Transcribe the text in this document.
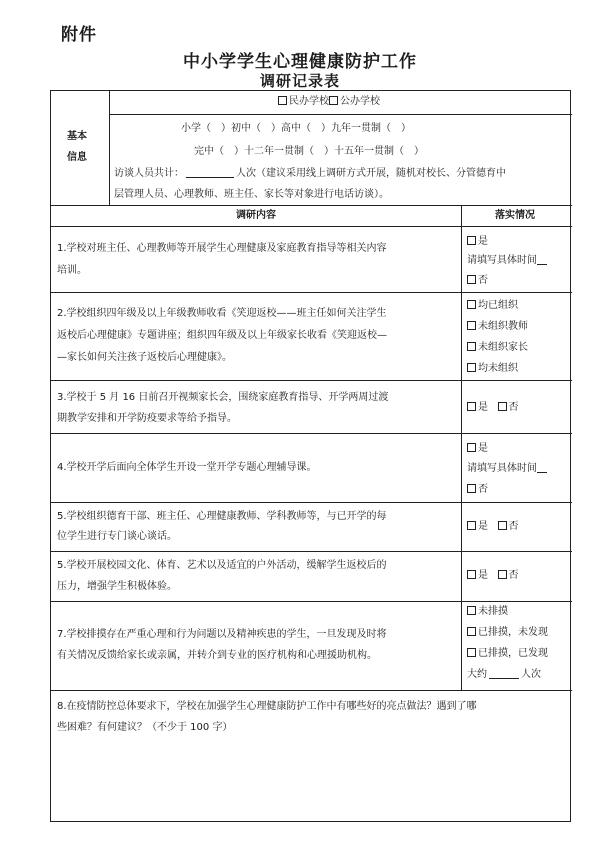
附件
中小学学生心理健康防护工作
调研记录表
基本
信息
民办学校 公办学校
小学（　）初中（　）高中（　）九年一贯制（　）
完中（　）十二年一贯制（　）十五年一贯制（　）
访谈人员共计：	人次（建议采用线上调研方式开展，随机对校长、分管德育中
层管理人员、心理教师、班主任、家长等对象进行电话访谈）。
调研内容	落实情况
1.学校对班主任、心理教师等开展学生心理健康及家庭教育指导等相关内容
培训。
是
请填写具体时间
否
2.学校组织四年级及以上年级教师收看《笑迎返校——班主任如何关注学生
返校后心理健康》专题讲座；组织四年级及以上年级家长收看《笑迎返校—
—家长如何关注孩子返校后心理健康》。
均已组织
未组织教师
未组织家长
均未组织
3.学校于 5 月 16 日前召开视频家长会，围绕家庭教育指导、开学两周过渡
期教学安排和开学防疫要求等给予指导。
是 否
4.学校开学后面向全体学生开设一堂开学专题心理辅导课。
是
请填写具体时间
否
5.学校组织德育干部、班主任、心理健康教师、学科教师等，与已开学的每
位学生进行专门谈心谈话。
是 否
5.学校开展校园文化、体育、艺术以及适宜的户外活动，缓解学生返校后的
压力，增强学生积极体验。
是 否
7.学校排摸存在严重心理和行为问题以及精神疾患的学生，一旦发现及时将
有关情况反馈给家长或亲属，并转介到专业的医疗机构和心理援助机构。
未排摸
已排摸，未发现
已排摸，已发现
大约	人次
8.在疫情防控总体要求下，学校在加强学生心理健康防护工作中有哪些好的亮点做法？遇到了哪
些困难？有何建议？（不少于 100 字）
